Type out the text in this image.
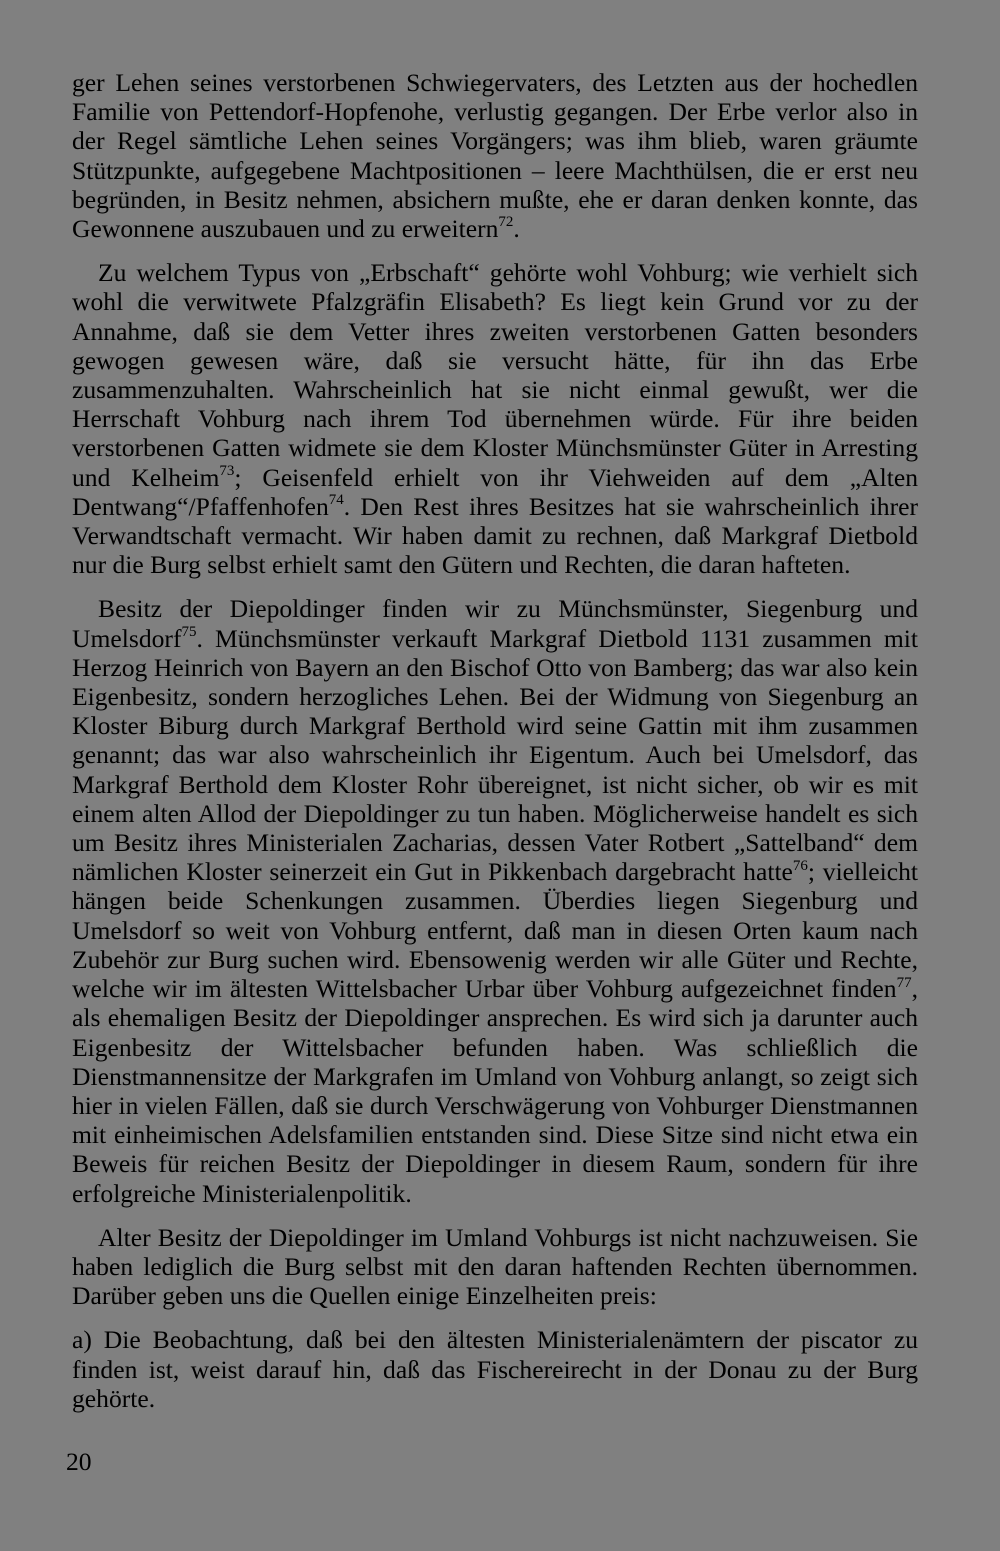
ger Lehen seines verstorbenen Schwiegervaters, des Letzten aus der hochedlen Familie von Pettendorf-Hopfenohe, verlustig gegangen. Der Erbe verlor also in der Regel sämtliche Lehen seines Vorgängers; was ihm blieb, waren gräumte Stützpunkte, aufgegebene Machtpositionen – leere Machthülsen, die er erst neu begründen, in Besitz nehmen, absichern mußte, ehe er daran denken konnte, das Gewonnene auszubauen und zu erweitern$^{72}$.

Zu welchem Typus von „Erbschaft“ gehörte wohl Vohburg; wie verhielt sich wohl die verwitwete Pfalzgräfin Elisabeth? Es liegt kein Grund vor zu der Annahme, daß sie dem Vetter ihres zweiten verstorbenen Gatten besonders gewogen gewesen wäre, daß sie versucht hätte, für ihn das Erbe zusammenzuhalten. Wahrscheinlich hat sie nicht einmal gewußt, wer die Herrschaft Vohburg nach ihrem Tod übernehmen würde. Für ihre beiden verstorbenen Gatten widmete sie dem Kloster Münchsmünster Güter in Arresting und Kelheim$^{73}$; Geisenfeld erhielt von ihr Viehweiden auf dem „Alten Dentwang“/Pfaffenhofen$^{74}$. Den Rest ihres Besitzes hat sie wahrscheinlich ihrer Verwandtschaft vermacht. Wir haben damit zu rechnen, daß Markgraf Dietbold nur die Burg selbst erhielt samt den Gütern und Rechten, die daran hafteten.

Besitz der Diepoldinger finden wir zu Münchsmünster, Siegenburg und Umelsdorf$^{75}$. Münchsmünster verkauft Markgraf Dietbold 1131 zusammen mit Herzog Heinrich von Bayern an den Bischof Otto von Bamberg; das war also kein Eigenbesitz, sondern herzogliches Lehen. Bei der Widmung von Siegenburg an Kloster Biburg durch Markgraf Berthold wird seine Gattin mit ihm zusammen genannt; das war also wahrscheinlich ihr Eigentum. Auch bei Umelsdorf, das Markgraf Berthold dem Kloster Rohr übereignet, ist nicht sicher, ob wir es mit einem alten Allod der Diepoldinger zu tun haben. Möglicherweise handelt es sich um Besitz ihres Ministerialen Zacharias, dessen Vater Rotbert „Sattelband“ dem nämlichen Kloster seinerzeit ein Gut in Pikkenbach dargebracht hatte$^{76}$; vielleicht hängen beide Schenkungen zusammen. Überdies liegen Siegenburg und Umelsdorf so weit von Vohburg entfernt, daß man in diesen Orten kaum nach Zubehör zur Burg suchen wird. Ebensowenig werden wir alle Güter und Rechte, welche wir im ältesten Wittelsbacher Urbar über Vohburg aufgezeichnet finden$^{77}$, als ehemaligen Besitz der Diepoldinger ansprechen. Es wird sich ja darunter auch Eigenbesitz der Wittelsbacher befunden haben. Was schließlich die Dienstmannensitze der Markgrafen im Umland von Vohburg anlangt, so zeigt sich hier in vielen Fällen, daß sie durch Verschwägerung von Vohburger Dienstmannen mit einheimischen Adelsfamilien entstanden sind. Diese Sitze sind nicht etwa ein Beweis für reichen Besitz der Diepoldinger in diesem Raum, sondern für ihre erfolgreiche Ministerialenpolitik.

Alter Besitz der Diepoldinger im Umland Vohburgs ist nicht nachzuweisen. Sie haben lediglich die Burg selbst mit den daran haftenden Rechten übernommen. Darüber geben uns die Quellen einige Einzelheiten preis:

a) Die Beobachtung, daß bei den ältesten Ministerialenämtern der piscator zu finden ist, weist darauf hin, daß das Fischereirecht in der Donau zu der Burg gehörte.

20
